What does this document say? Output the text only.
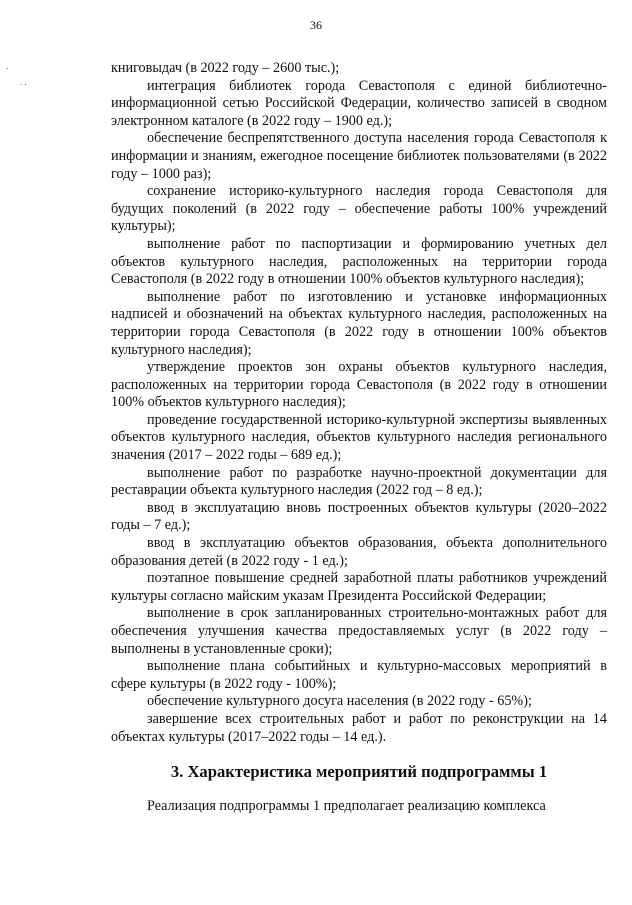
36
.
. .

книговыдач (в 2022 году – 2600 тыс.);

интеграция библиотек города Севастополя с единой библиотечно-информационной сетью Российской Федерации, количество записей в сводном электронном каталоге (в 2022 году – 1900 ед.);

обеспечение беспрепятственного доступа населения города Севастополя к информации и знаниям, ежегодное посещение библиотек пользователями (в 2022 году – 1000 раз);

сохранение историко-культурного наследия города Севастополя для будущих поколений (в 2022 году – обеспечение работы 100% учреждений культуры);

выполнение работ по паспортизации и формированию учетных дел объектов культурного наследия, расположенных на территории города Севастополя (в 2022 году в отношении 100% объектов культурного наследия);

выполнение работ по изготовлению и установке информационных надписей и обозначений на объектах культурного наследия, расположенных на территории города Севастополя (в 2022 году в отношении 100% объектов культурного наследия);

утверждение проектов зон охраны объектов культурного наследия, расположенных на территории города Севастополя (в 2022 году в отношении 100% объектов культурного наследия);

проведение государственной историко-культурной экспертизы выявленных объектов культурного наследия, объектов культурного наследия регионального значения (2017 – 2022 годы – 689 ед.);

выполнение работ по разработке научно-проектной документации для реставрации объекта культурного наследия (2022 год – 8 ед.);

ввод в эксплуатацию вновь построенных объектов культуры (2020–2022 годы – 7 ед.);

ввод в эксплуатацию объектов образования, объекта дополнительного образования детей (в 2022 году - 1 ед.);

поэтапное повышение средней заработной платы работников учреждений культуры согласно майским указам Президента Российской Федерации;

выполнение в срок запланированных строительно-монтажных работ для обеспечения улучшения качества предоставляемых услуг (в 2022 году – выполнены в установленные сроки);

выполнение плана событийных и культурно-массовых мероприятий в сфере культуры (в 2022 году - 100%);

обеспечение культурного досуга населения (в 2022 году - 65%);

завершение всех строительных работ и работ по реконструкции на 14 объектах культуры (2017–2022 годы – 14 ед.).

3. Характеристика мероприятий подпрограммы 1

Реализация подпрограммы 1 предполагает реализацию комплекса
